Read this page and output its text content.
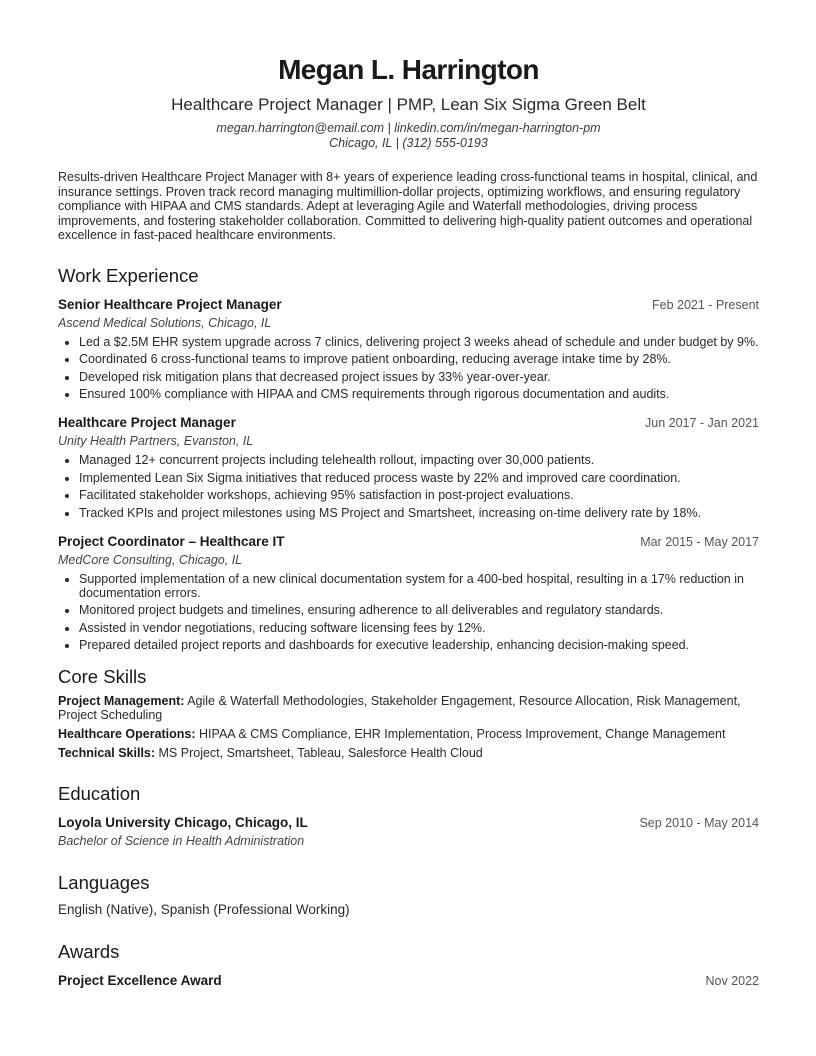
Megan L. Harrington
Healthcare Project Manager | PMP, Lean Six Sigma Green Belt
megan.harrington@email.com | linkedin.com/in/megan-harrington-pm
Chicago, IL | (312) 555-0193
Results-driven Healthcare Project Manager with 8+ years of experience leading cross-functional teams in hospital, clinical, and insurance settings. Proven track record managing multimillion-dollar projects, optimizing workflows, and ensuring regulatory compliance with HIPAA and CMS standards. Adept at leveraging Agile and Waterfall methodologies, driving process improvements, and fostering stakeholder collaboration. Committed to delivering high-quality patient outcomes and operational excellence in fast-paced healthcare environments.
Work Experience
Senior Healthcare Project Manager	Feb 2021 - Present
Ascend Medical Solutions, Chicago, IL
• Led a $2.5M EHR system upgrade across 7 clinics, delivering project 3 weeks ahead of schedule and under budget by 9%.
• Coordinated 6 cross-functional teams to improve patient onboarding, reducing average intake time by 28%.
• Developed risk mitigation plans that decreased project issues by 33% year-over-year.
• Ensured 100% compliance with HIPAA and CMS requirements through rigorous documentation and audits.
Healthcare Project Manager	Jun 2017 - Jan 2021
Unity Health Partners, Evanston, IL
• Managed 12+ concurrent projects including telehealth rollout, impacting over 30,000 patients.
• Implemented Lean Six Sigma initiatives that reduced process waste by 22% and improved care coordination.
• Facilitated stakeholder workshops, achieving 95% satisfaction in post-project evaluations.
• Tracked KPIs and project milestones using MS Project and Smartsheet, increasing on-time delivery rate by 18%.
Project Coordinator – Healthcare IT	Mar 2015 - May 2017
MedCore Consulting, Chicago, IL
• Supported implementation of a new clinical documentation system for a 400-bed hospital, resulting in a 17% reduction in documentation errors.
• Monitored project budgets and timelines, ensuring adherence to all deliverables and regulatory standards.
• Assisted in vendor negotiations, reducing software licensing fees by 12%.
• Prepared detailed project reports and dashboards for executive leadership, enhancing decision-making speed.
Core Skills
Project Management: Agile & Waterfall Methodologies, Stakeholder Engagement, Resource Allocation, Risk Management, Project Scheduling
Healthcare Operations: HIPAA & CMS Compliance, EHR Implementation, Process Improvement, Change Management
Technical Skills: MS Project, Smartsheet, Tableau, Salesforce Health Cloud
Education
Loyola University Chicago, Chicago, IL	Sep 2010 - May 2014
Bachelor of Science in Health Administration
Languages
English (Native), Spanish (Professional Working)
Awards
Project Excellence Award	Nov 2022
